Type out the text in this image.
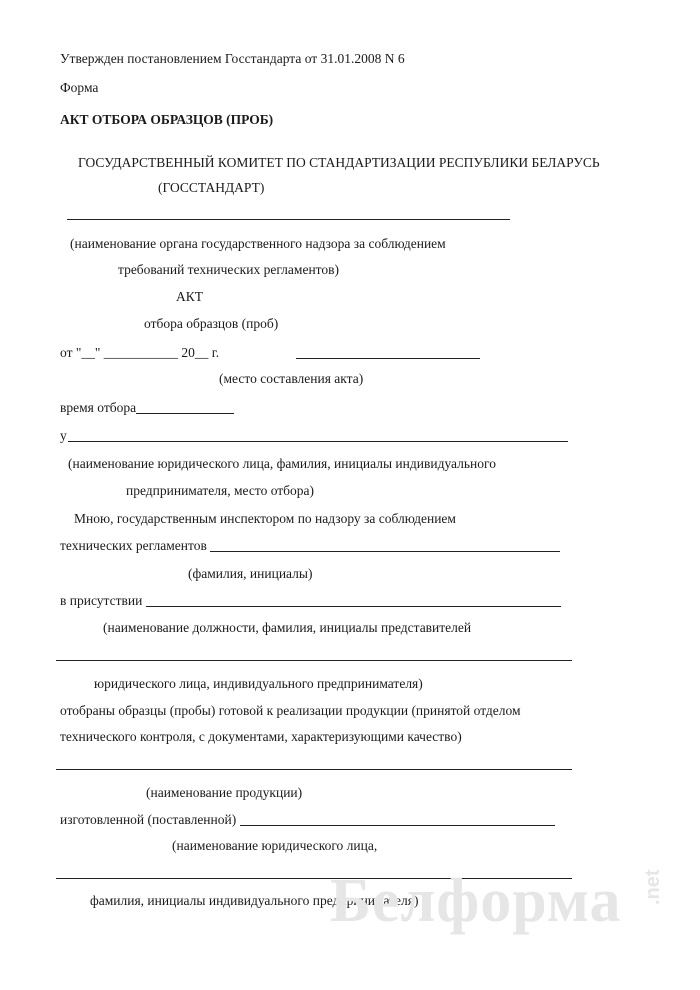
Утвержден постановлением Госстандарта от 31.01.2008 N 6
Форма
АКТ ОТБОРА ОБРАЗЦОВ (ПРОБ)
ГОСУДАРСТВЕННЫЙ КОМИТЕТ ПО СТАНДАРТИЗАЦИИ РЕСПУБЛИКИ БЕЛАРУСЬ
(ГОССТАНДАРТ)
(наименование органа государственного надзора за соблюдением
требований технических регламентов)
АКТ
отбора образцов (проб)
от "__" ___________ 20__ г.
(место составления акта)
время отбора
у
(наименование юридического лица, фамилия, инициалы индивидуального
предпринимателя, место отбора)
Мною, государственным инспектором по надзору за соблюдением
технических регламентов
(фамилия, инициалы)
в присутствии
(наименование должности, фамилия, инициалы представителей
юридического лица, индивидуального предпринимателя)
отобраны образцы (пробы) готовой к реализации продукции (принятой отделом
технического контроля, с документами, характеризующими качество)
(наименование продукции)
изготовленной (поставленной)
(наименование юридического лица,
фамилия, инициалы индивидуального предпринимателя)
Белформа .net
